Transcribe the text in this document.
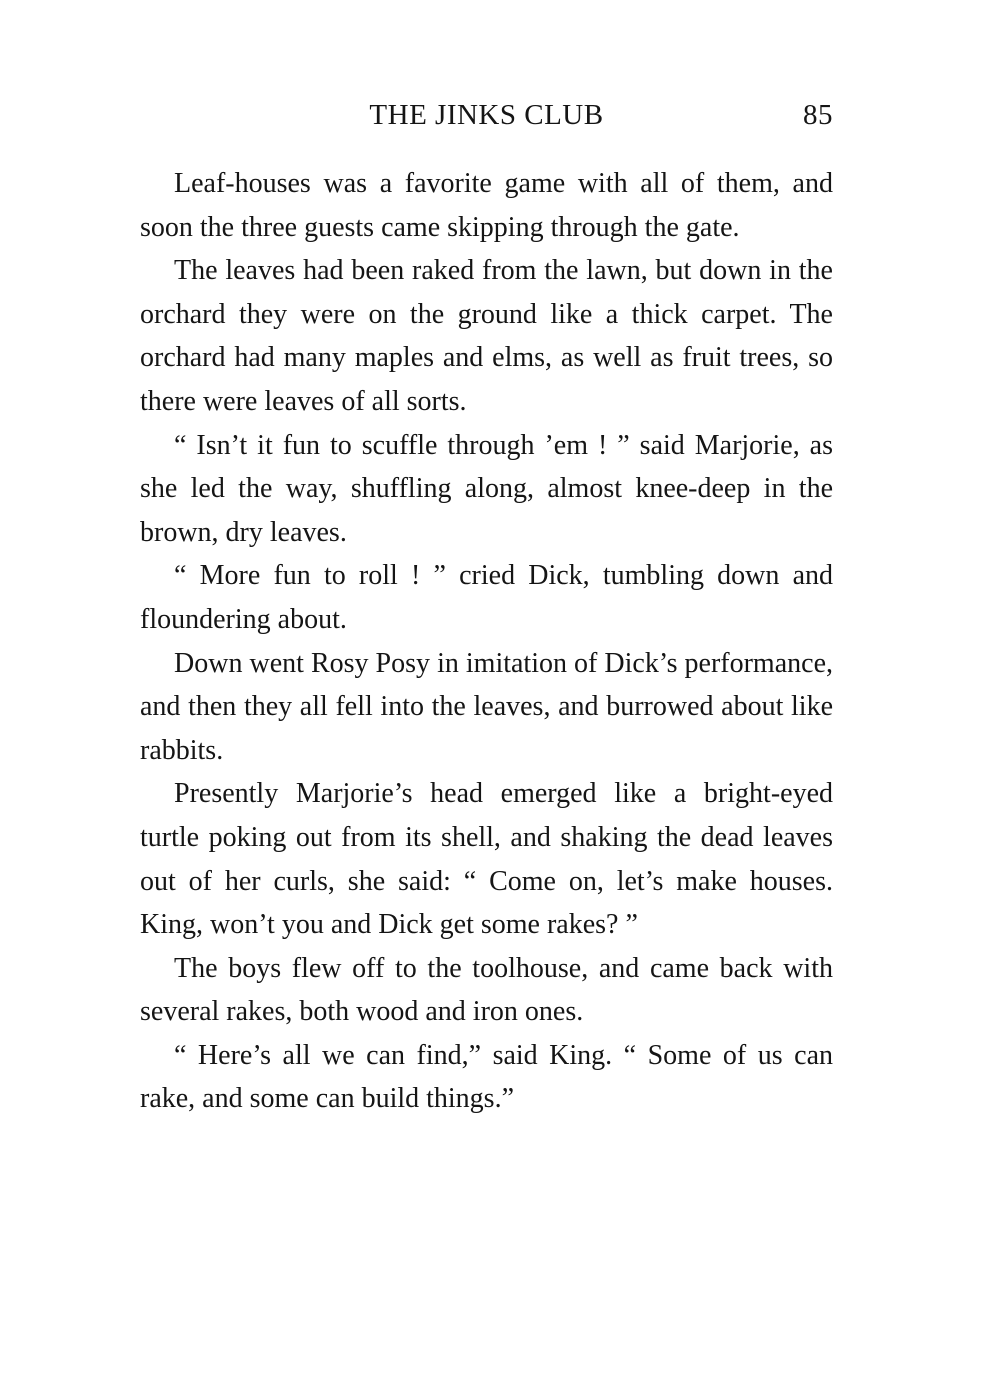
THE JINKS CLUB	85

Leaf-houses was a favorite game with all of them, and soon the three guests came skipping through the gate.

The leaves had been raked from the lawn, but down in the orchard they were on the ground like a thick carpet. The orchard had many maples and elms, as well as fruit trees, so there were leaves of all sorts.

“ Isn’t it fun to scuffle through ’em ! ” said Marjorie, as she led the way, shuffling along, almost knee-deep in the brown, dry leaves.

“ More fun to roll ! ” cried Dick, tumbling down and floundering about.

Down went Rosy Posy in imitation of Dick’s performance, and then they all fell into the leaves, and burrowed about like rabbits.

Presently Marjorie’s head emerged like a bright-eyed turtle poking out from its shell, and shaking the dead leaves out of her curls, she said: “ Come on, let’s make houses. King, won’t you and Dick get some rakes? ”

The boys flew off to the toolhouse, and came back with several rakes, both wood and iron ones.

“ Here’s all we can find,” said King. “ Some of us can rake, and some can build things.”
